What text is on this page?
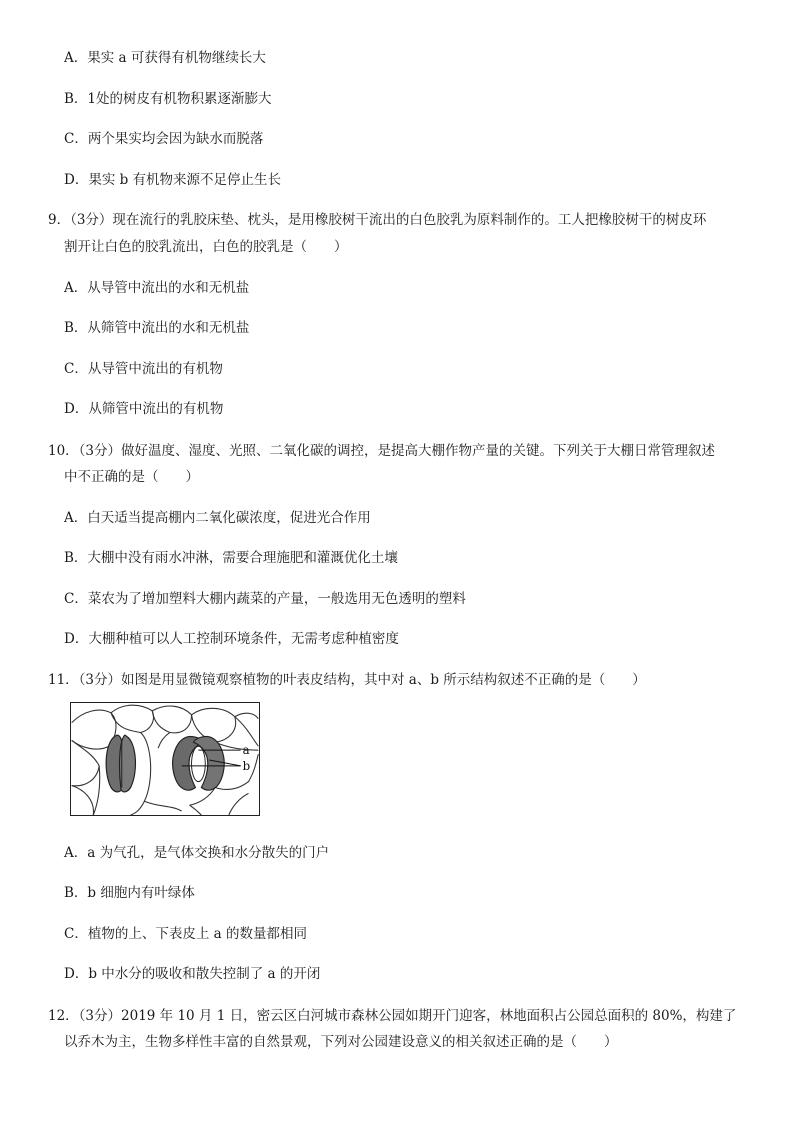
A．果实 a 可获得有机物继续长大
B．1处的树皮有机物积累逐渐膨大
C．两个果实均会因为缺水而脱落
D．果实 b 有机物来源不足停止生长
9．（3分）现在流行的乳胶床垫、枕头，是用橡胶树干流出的白色胶乳为原料制作的。工人把橡胶树干的树皮环
割开让白色的胶乳流出，白色的胶乳是（　　）
A．从导管中流出的水和无机盐
B．从筛管中流出的水和无机盐
C．从导管中流出的有机物
D．从筛管中流出的有机物
10．（3分）做好温度、湿度、光照、二氧化碳的调控，是提高大棚作物产量的关键。下列关于大棚日常管理叙述
中不正确的是（　　）
A．白天适当提高棚内二氧化碳浓度，促进光合作用
B．大棚中没有雨水冲淋，需要合理施肥和灌溉优化土壤
C．菜农为了增加塑料大棚内蔬菜的产量，一般选用无色透明的塑料
D．大棚种植可以人工控制环境条件，无需考虑种植密度
11．（3分）如图是用显微镜观察植物的叶表皮结构，其中对 a、b 所示结构叙述不正确的是（　　）
a
b
A．a 为气孔，是气体交换和水分散失的门户
B．b 细胞内有叶绿体
C．植物的上、下表皮上 a 的数量都相同
D．b 中水分的吸收和散失控制了 a 的开闭
12．（3分）2019 年 10 月 1 日，密云区白河城市森林公园如期开门迎客，林地面积占公园总面积的 80%，构建了
以乔木为主，生物多样性丰富的自然景观，下列对公园建设意义的相关叙述正确的是（　　）
